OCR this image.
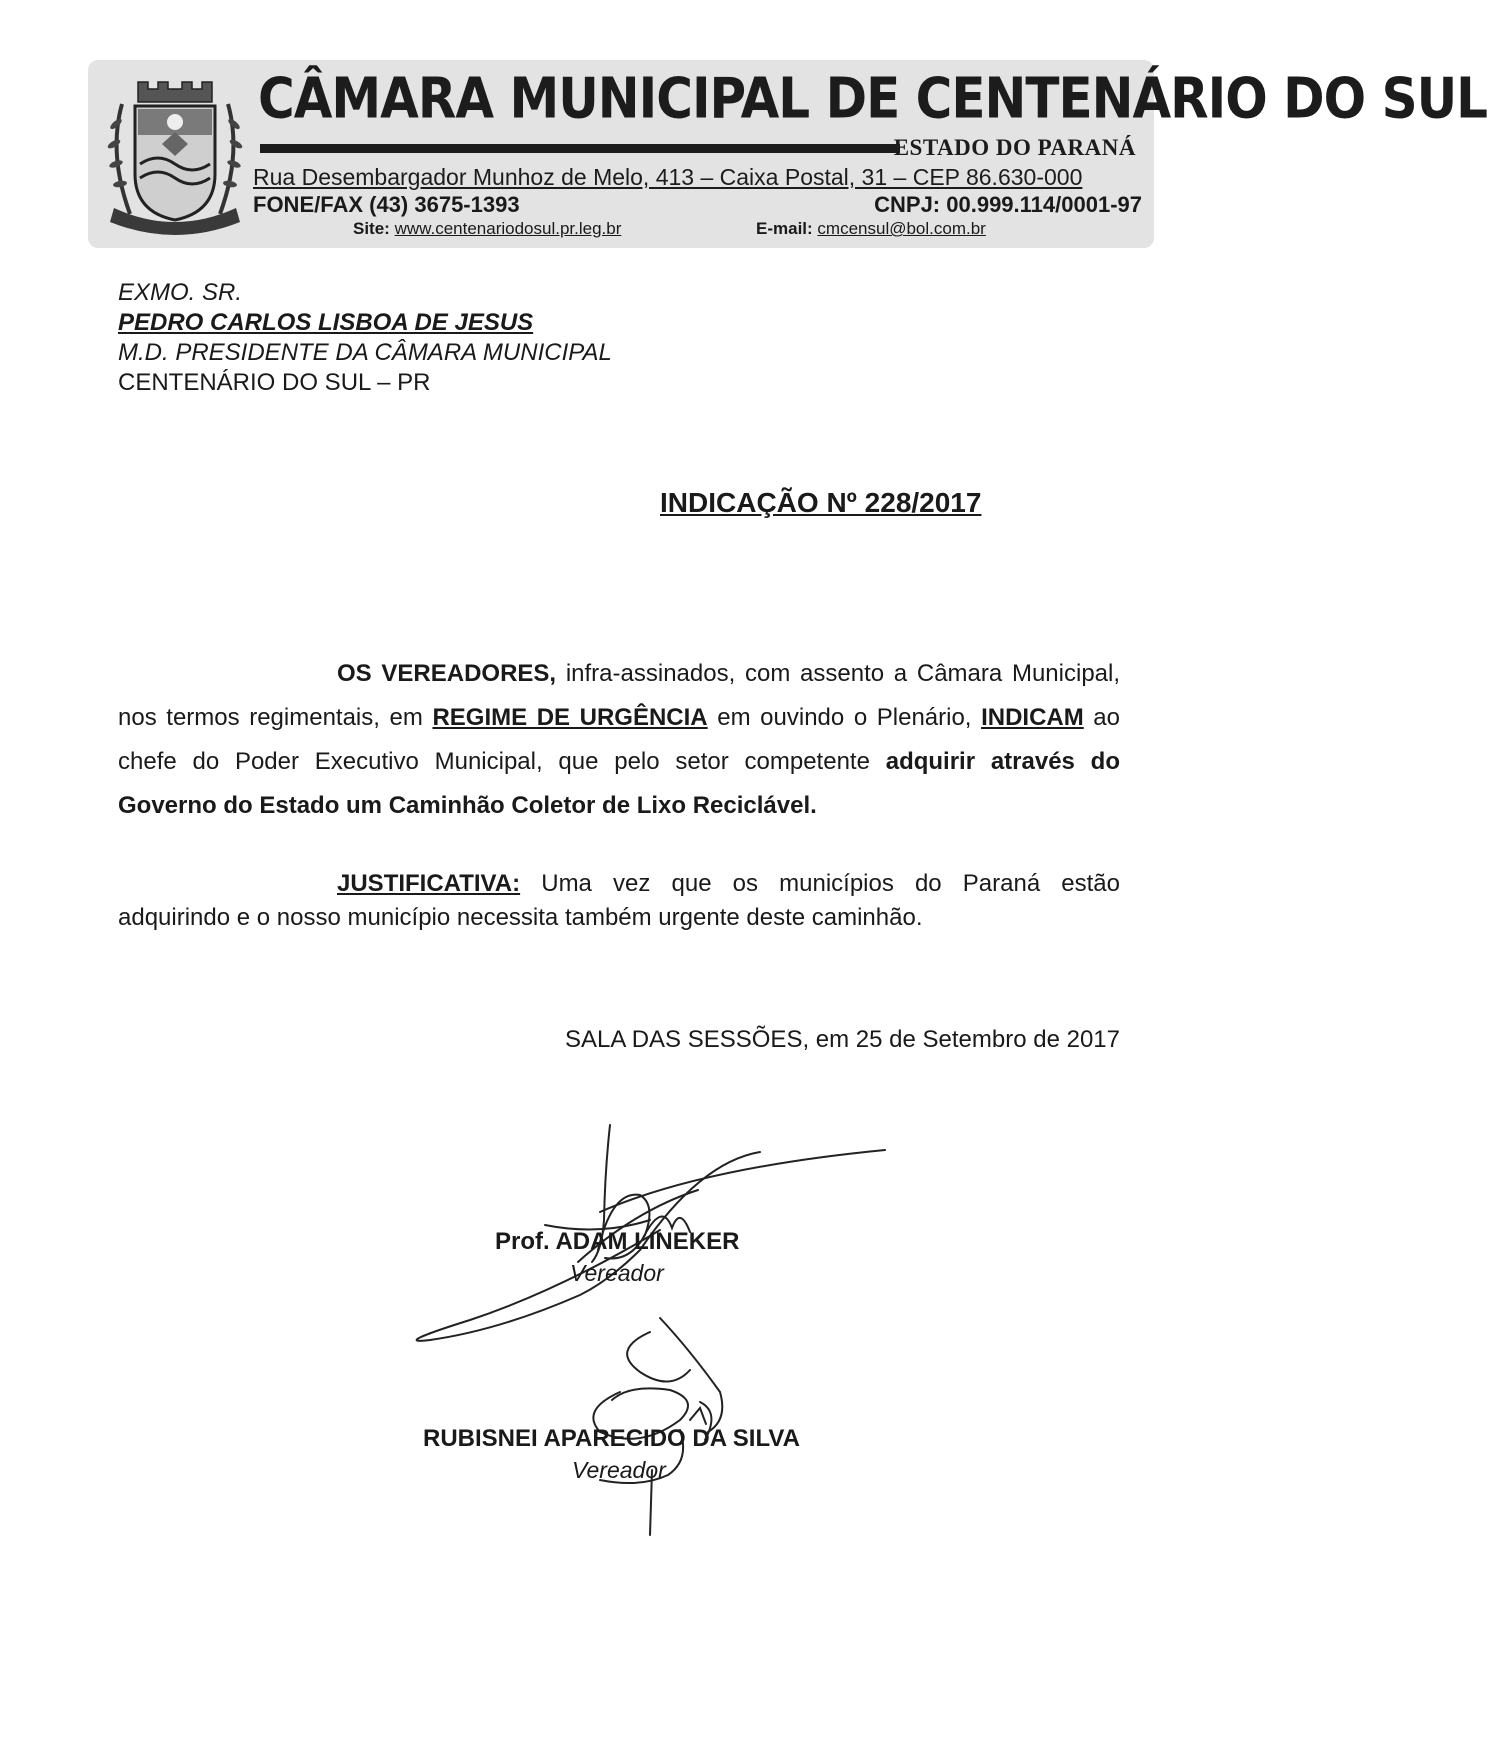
CÂMARA MUNICIPAL DE CENTENÁRIO DO SUL
ESTADO DO PARANÁ
Rua Desembargador Munhoz de Melo, 413 – Caixa Postal, 31 – CEP 86.630-000
FONE/FAX (43) 3675-1393	CNPJ: 00.999.114/0001-97
Site: www.centenariodosul.pr.leg.br	E-mail: cmcensul@bol.com.br
EXMO. SR.
PEDRO CARLOS LISBOA DE JESUS
M.D. PRESIDENTE DA CÂMARA MUNICIPAL
CENTENÁRIO DO SUL – PR
INDICAÇÃO Nº 228/2017

OS VEREADORES, infra-assinados, com assento a Câmara Municipal, nos termos regimentais, em REGIME DE URGÊNCIA em ouvindo o Plenário, INDICAM ao chefe do Poder Executivo Municipal, que pelo setor competente adquirir através do Governo do Estado um Caminhão Coletor de Lixo Reciclável.

JUSTIFICATIVA: Uma vez que os municípios do Paraná estão adquirindo e o nosso município necessita também urgente deste caminhão.

SALA DAS SESSÕES, em 25 de Setembro de 2017
Prof. ADAM LINEKER
Vereador
RUBISNEI APARECIDO DA SILVA
Vereador
